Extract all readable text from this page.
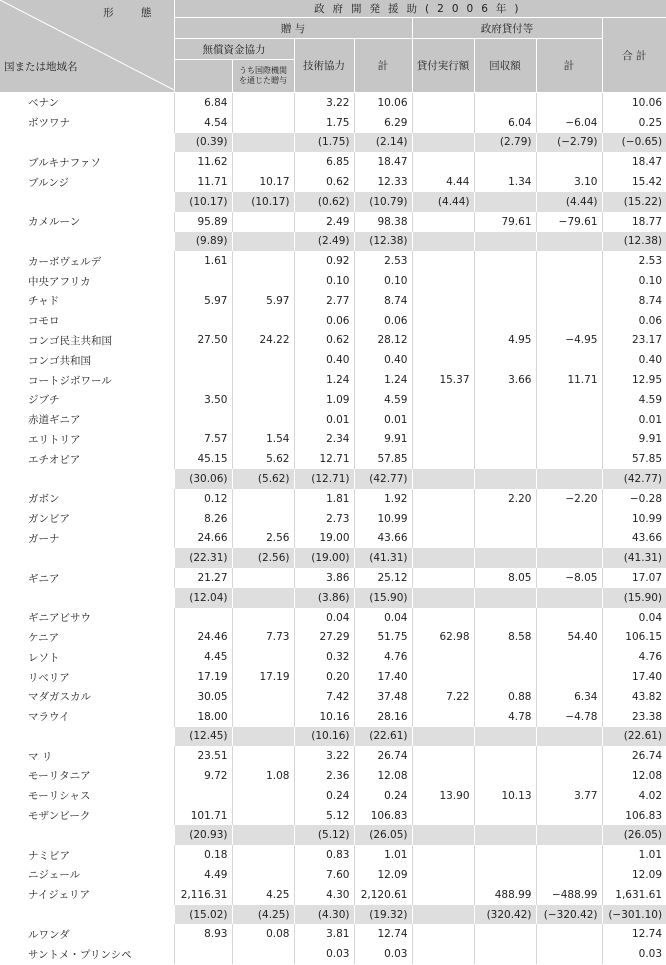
形 態
国または地域名	政府開発援助(2006年)							
	贈 与				政府貸付等			合 計
	無償資金協力		技術協力	計	貸付実行額	回収額	計	
		うち国際機関を通じた贈与						
ベナン	6.84		3.22	10.06				10.06
ボツワナ	4.54		1.75	6.29		6.04	−6.04	0.25
	(0.39)		(1.75)	(2.14)		(2.79)	(−2.79)	(−0.65)
ブルキナファソ	11.62		6.85	18.47				18.47
ブルンジ	11.71	10.17	0.62	12.33	4.44	1.34	3.10	15.42
	(10.17)	(10.17)	(0.62)	(10.79)	(4.44)		(4.44)	(15.22)
カメルーン	95.89		2.49	98.38		79.61	−79.61	18.77
	(9.89)		(2.49)	(12.38)				(12.38)
カーボヴェルデ	1.61		0.92	2.53				2.53
中央アフリカ			0.10	0.10				0.10
チャド	5.97	5.97	2.77	8.74				8.74
コモロ			0.06	0.06				0.06
コンゴ民主共和国	27.50	24.22	0.62	28.12		4.95	−4.95	23.17
コンゴ共和国			0.40	0.40				0.40
コートジボワール			1.24	1.24	15.37	3.66	11.71	12.95
ジブチ	3.50		1.09	4.59				4.59
赤道ギニア			0.01	0.01				0.01
エリトリア	7.57	1.54	2.34	9.91				9.91
エチオピア	45.15	5.62	12.71	57.85				57.85
	(30.06)	(5.62)	(12.71)	(42.77)				(42.77)
ガボン	0.12		1.81	1.92		2.20	−2.20	−0.28
ガンビア	8.26		2.73	10.99				10.99
ガーナ	24.66	2.56	19.00	43.66				43.66
	(22.31)	(2.56)	(19.00)	(41.31)				(41.31)
ギニア	21.27		3.86	25.12		8.05	−8.05	17.07
	(12.04)		(3.86)	(15.90)				(15.90)
ギニアビサウ			0.04	0.04				0.04
ケニア	24.46	7.73	27.29	51.75	62.98	8.58	54.40	106.15
レソト	4.45		0.32	4.76				4.76
リベリア	17.19	17.19	0.20	17.40				17.40
マダガスカル	30.05		7.42	37.48	7.22	0.88	6.34	43.82
マラウイ	18.00		10.16	28.16		4.78	−4.78	23.38
	(12.45)		(10.16)	(22.61)				(22.61)
マ リ	23.51		3.22	26.74				26.74
モーリタニア	9.72	1.08	2.36	12.08				12.08
モーリシャス			0.24	0.24	13.90	10.13	3.77	4.02
モザンビーク	101.71		5.12	106.83				106.83
	(20.93)		(5.12)	(26.05)				(26.05)
ナミビア	0.18		0.83	1.01				1.01
ニジェール	4.49		7.60	12.09				12.09
ナイジェリア	2,116.31	4.25	4.30	2,120.61		488.99	−488.99	1,631.61
	(15.02)	(4.25)	(4.30)	(19.32)		(320.42)	(−320.42)	(−301.10)
ルワンダ	8.93	0.08	3.81	12.74				12.74
サントメ・プリンシペ			0.03	0.03				0.03
